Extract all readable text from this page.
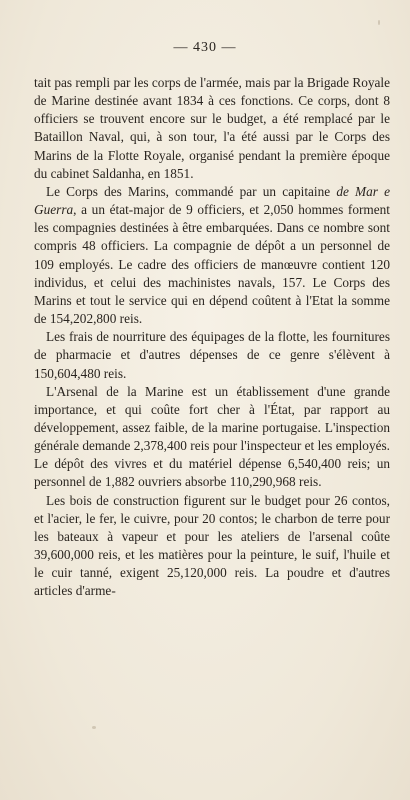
— 430 —

tait pas rempli par les corps de l'armée, mais par la Brigade Royale de Marine destinée avant 1834 à ces fonctions. Ce corps, dont 8 officiers se trouvent encore sur le budget, a été remplacé par le Bataillon Naval, qui, à son tour, l'a été aussi par le Corps des Marins de la Flotte Royale, organisé pendant la première époque du cabinet Saldanha, en 1851.

Le Corps des Marins, commandé par un capitaine de Mar e Guerra, a un état-major de 9 officiers, et 2,050 hommes forment les compagnies destinées à être embarquées. Dans ce nombre sont compris 48 officiers. La compagnie de dépôt a un personnel de 109 employés. Le cadre des officiers de manœuvre contient 120 individus, et celui des machinistes navals, 157. Le Corps des Marins et tout le service qui en dépend coûtent à l'Etat la somme de 154,202,800 reis.

Les frais de nourriture des équipages de la flotte, les fournitures de pharmacie et d'autres dépenses de ce genre s'élèvent à 150,604,480 reis.

L'Arsenal de la Marine est un établissement d'une grande importance, et qui coûte fort cher à l'État, par rapport au développement, assez faible, de la marine portugaise. L'inspection générale demande 2,378,400 reis pour l'inspecteur et les employés. Le dépôt des vivres et du matériel dépense 6,540,400 reis; un personnel de 1,882 ouvriers absorbe 110,290,968 reis.

Les bois de construction figurent sur le budget pour 26 contos, et l'acier, le fer, le cuivre, pour 20 contos; le charbon de terre pour les bateaux à vapeur et pour les ateliers de l'arsenal coûte 39,600,000 reis, et les matières pour la peinture, le suif, l'huile et le cuir tanné, exigent 25,120,000 reis. La poudre et d'autres articles d'arme-
